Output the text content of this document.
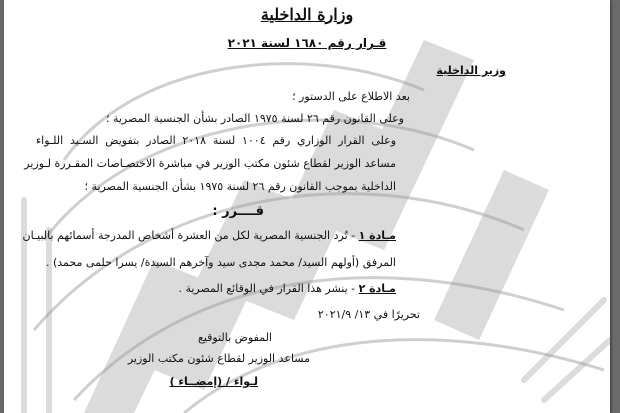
وزارة الداخلية
قـرار رقم ١٦٨٠ لسنة ٢٠٢١
وزير الداخلية
بعد الاطلاع على الدستور ؛
وعلى القانون رقم ٢٦ لسنة ١٩٧٥ الصادر بشأن الجنسية المصرية ؛
وعلى القرار الوزاري رقم ١٠٠٤ لسنة ٢٠١٨ الصادر بتفويض السـيد اللـواء
مساعد الوزير لقطاع شئون مكتب الوزير في مباشرة الاختصـاصات المقـررة لـوزير
الداخلية بموجب القانون رقم ٢٦ لسنة ١٩٧٥ بشأن الجنسية المصرية ؛
قــــرر :
مـادة ١ - تُرد الجنسية المصرية لكل من العشرة أشخاص المدرجة أسمائهم بالبيـان
المرفق (أولهم السيد/ محمد مجدى سيد وآخرهم السيدة/ يسرا حلمى محمد) .
مـادة ٢ - ينشر هذا القرار في الوقائع المصرية .
تحريرًا في ١٣/ ٢٠٢١/٩
المفوض بالتوقيع
مساعد الوزير لقطاع شئون مكتب الوزير
لـواء / (إمضــاء )
